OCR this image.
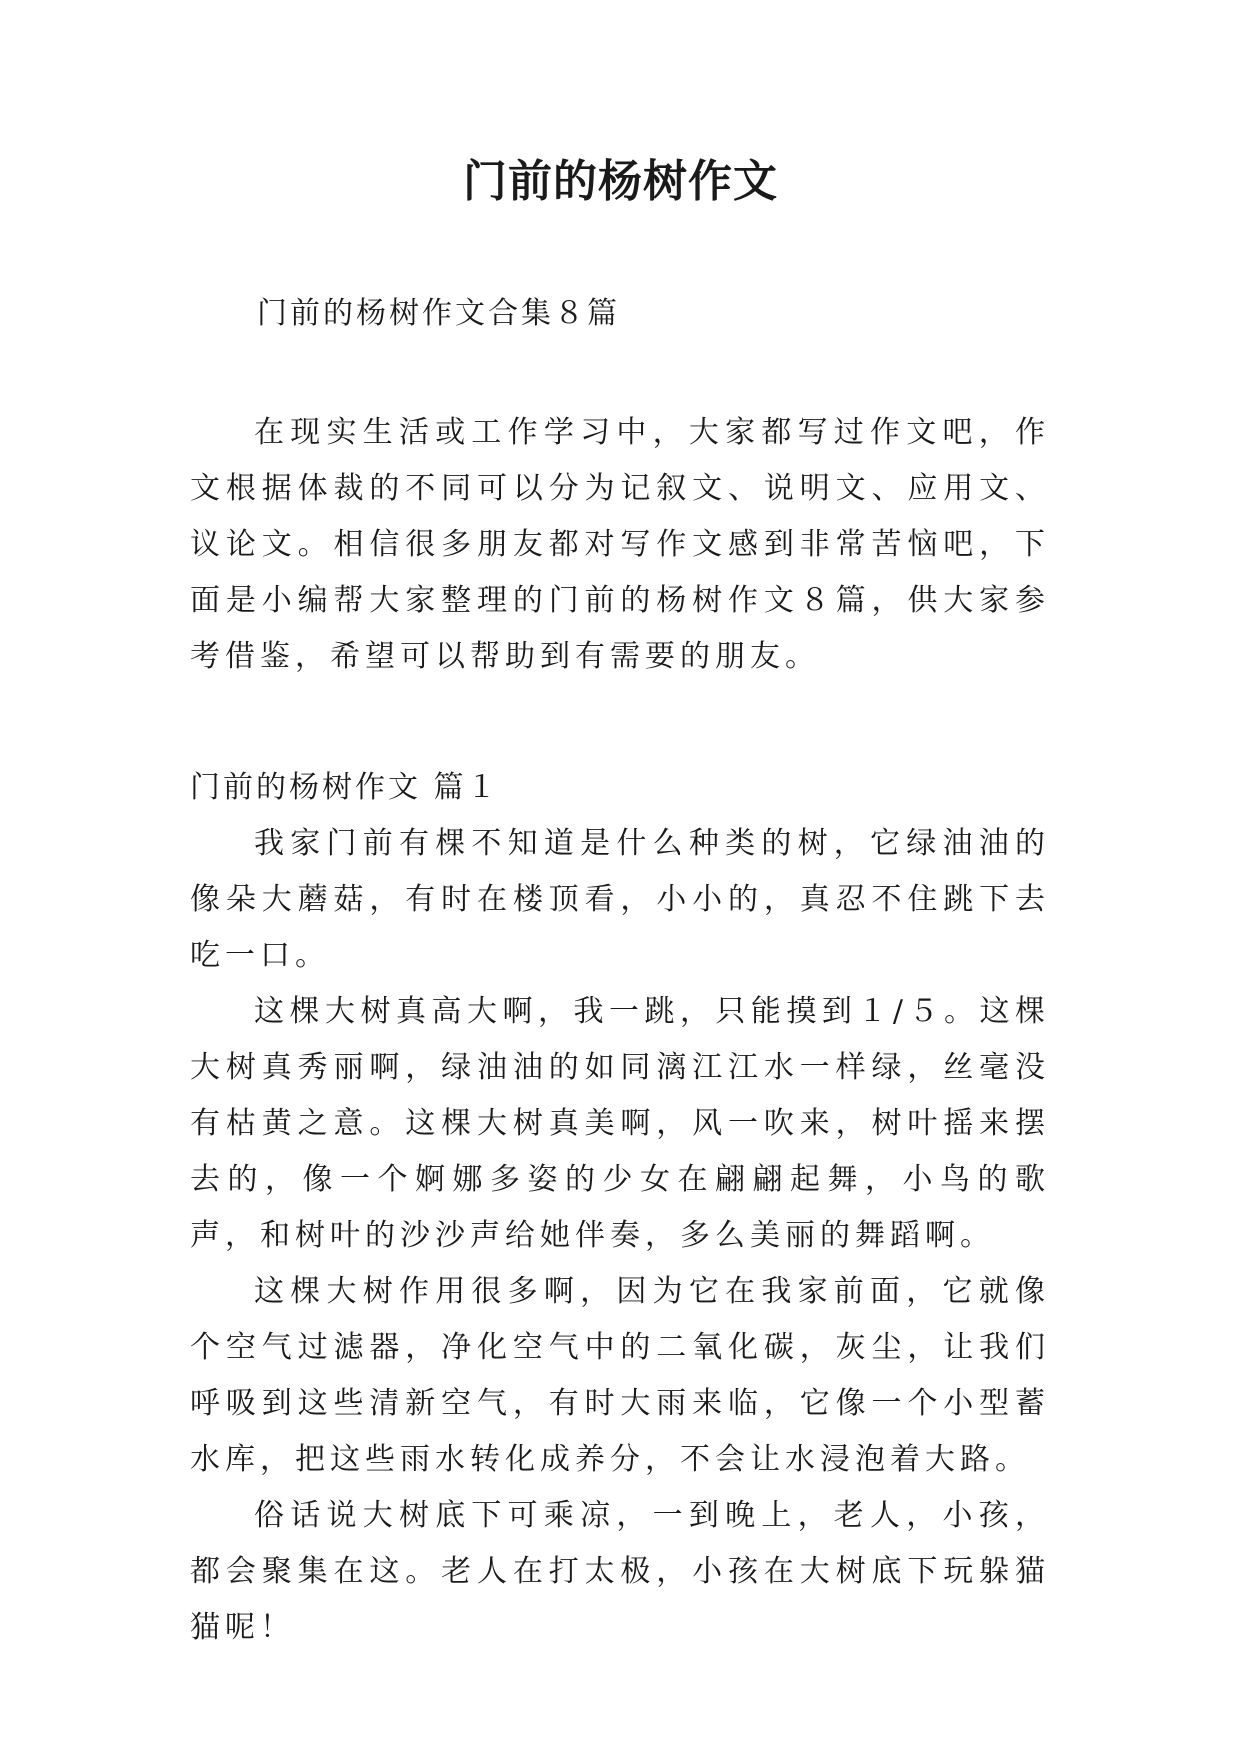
门前的杨树作文
门前的杨树作文合集８篇

在现实生活或工作学习中，大家都写过作文吧，作文根据体裁的不同可以分为记叙文、说明文、应用文、议论文。相信很多朋友都对写作文感到非常苦恼吧，下面是小编帮大家整理的门前的杨树作文８篇，供大家参考借鉴，希望可以帮助到有需要的朋友。

门前的杨树作文 篇１

我家门前有棵不知道是什么种类的树，它绿油油的像朵大蘑菇，有时在楼顶看，小小的，真忍不住跳下去吃一口。

这棵大树真高大啊，我一跳，只能摸到１/５。这棵大树真秀丽啊，绿油油的如同漓江江水一样绿，丝毫没有枯黄之意。这棵大树真美啊，风一吹来，树叶摇来摆去的，像一个婀娜多姿的少女在翩翩起舞，小鸟的歌声，和树叶的沙沙声给她伴奏，多么美丽的舞蹈啊。

这棵大树作用很多啊，因为它在我家前面，它就像个空气过滤器，净化空气中的二氧化碳，灰尘，让我们呼吸到这些清新空气，有时大雨来临，它像一个小型蓄水库，把这些雨水转化成养分，不会让水浸泡着大路。

俗话说大树底下可乘凉，一到晚上，老人，小孩，都会聚集在这。老人在打太极，小孩在大树底下玩躲猫猫呢！
